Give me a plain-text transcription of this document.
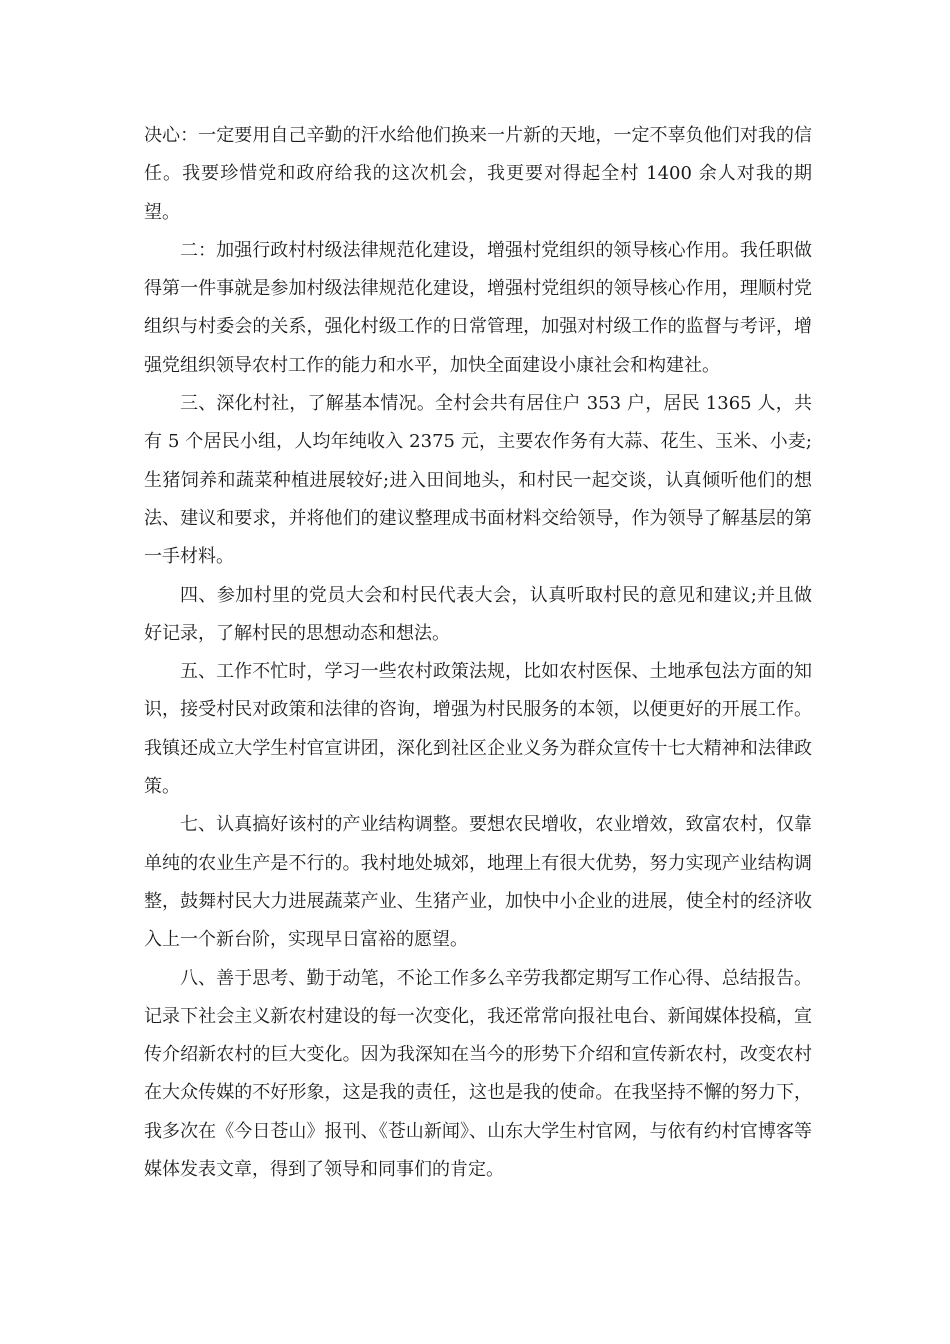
决心：一定要用自己辛勤的汗水给他们换来一片新的天地，一定不辜负他们对我的信任。我要珍惜党和政府给我的这次机会，我更要对得起全村 1400 余人对我的期望。

二：加强行政村村级法律规范化建设，增强村党组织的领导核心作用。我任职做得第一件事就是参加村级法律规范化建设，增强村党组织的领导核心作用，理顺村党组织与村委会的关系，强化村级工作的日常管理，加强对村级工作的监督与考评，增强党组织领导农村工作的能力和水平，加快全面建设小康社会和构建社。

三、深化村社，了解基本情况。全村会共有居住户 353 户，居民 1365 人，共有 5 个居民小组，人均年纯收入 2375 元，主要农作务有大蒜、花生、玉米、小麦;生猪饲养和蔬菜种植进展较好;进入田间地头，和村民一起交谈，认真倾听他们的想法、建议和要求，并将他们的建议整理成书面材料交给领导，作为领导了解基层的第一手材料。

四、参加村里的党员大会和村民代表大会，认真听取村民的意见和建议;并且做好记录，了解村民的思想动态和想法。

五、工作不忙时，学习一些农村政策法规，比如农村医保、土地承包法方面的知识，接受村民对政策和法律的咨询，增强为村民服务的本领，以便更好的开展工作。我镇还成立大学生村官宣讲团，深化到社区企业义务为群众宣传十七大精神和法律政策。

七、认真搞好该村的产业结构调整。要想农民增收，农业增效，致富农村，仅靠单纯的农业生产是不行的。我村地处城郊，地理上有很大优势，努力实现产业结构调整，鼓舞村民大力进展蔬菜产业、生猪产业，加快中小企业的进展，使全村的经济收入上一个新台阶，实现早日富裕的愿望。

八、善于思考、勤于动笔，不论工作多么辛劳我都定期写工作心得、总结报告。记录下社会主义新农村建设的每一次变化，我还常常向报社电台、新闻媒体投稿，宣传介绍新农村的巨大变化。因为我深知在当今的形势下介绍和宣传新农村，改变农村在大众传媒的不好形象，这是我的责任，这也是我的使命。在我坚持不懈的努力下，我多次在《今日苍山》报刊、《苍山新闻》、山东大学生村官网，与依有约村官博客等媒体发表文章，得到了领导和同事们的肯定。
